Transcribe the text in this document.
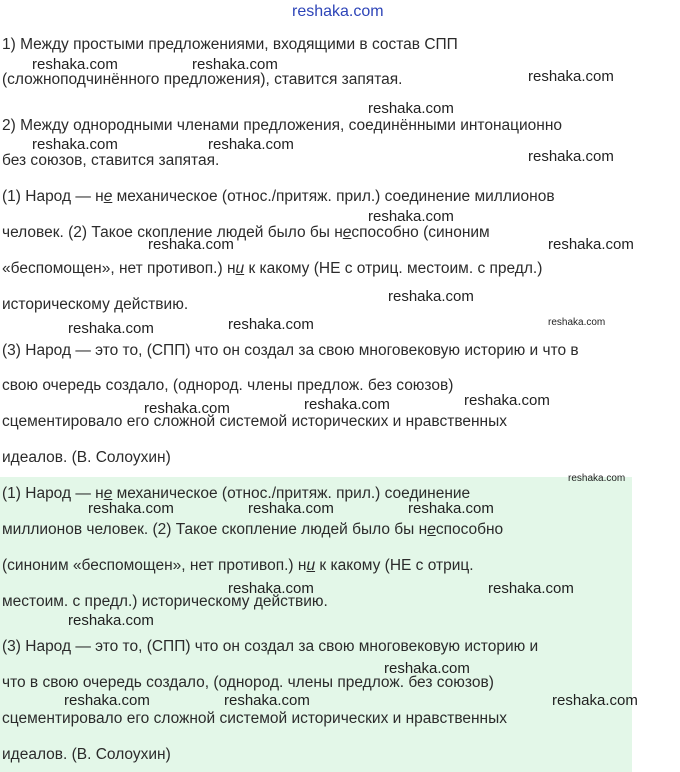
1) Между простыми предложениями, входящими в состав СПП
(сложноподчинённого предложения), ставится запятая.
2) Между однородными членами предложения, соединёнными интонационно
без союзов, ставится запятая.
(1) Народ — не механическое (относ./притяж. прил.) соединение миллионов
человек. (2) Такое скопление людей было бы неспособно (синоним
«беспомощен», нет противоп.) ни к какому (НЕ с отриц. местоим. с предл.)
историческому действию.
(3) Народ — это то, (СПП) что он создал за свою многовековую историю и что в
свою очередь создало, (однород. члены предлож. без союзов)
сцементировало его сложной системой исторических и нравственных
идеалов. (В. Солоухин)
(1) Народ — не механическое (относ./притяж. прил.) соединение
миллионов человек. (2) Такое скопление людей было бы неспособно
(синоним «беспомощен», нет противоп.) ни к какому (НЕ с отриц.
местоим. с предл.) историческому действию.
(3) Народ — это то, (СПП) что он создал за свою многовековую историю и
что в свою очередь создало, (однород. члены предлож. без союзов)
сцементировало его сложной системой исторических и нравственных
идеалов. (В. Солоухин)
reshaka.com
reshaka.com	reshaka.com
reshaka.com
reshaka.com
reshaka.com	reshaka.com
reshaka.com
reshaka.com
reshaka.com	reshaka.com
reshaka.com
reshaka.com
reshaka.com	reshaka.com
reshaka.com
reshaka.com
reshaka.com
reshaka.com
reshaka.com	reshaka.com	reshaka.com
reshaka.com	reshaka.com
reshaka.com
reshaka.com
reshaka.com	reshaka.com	reshaka.com
